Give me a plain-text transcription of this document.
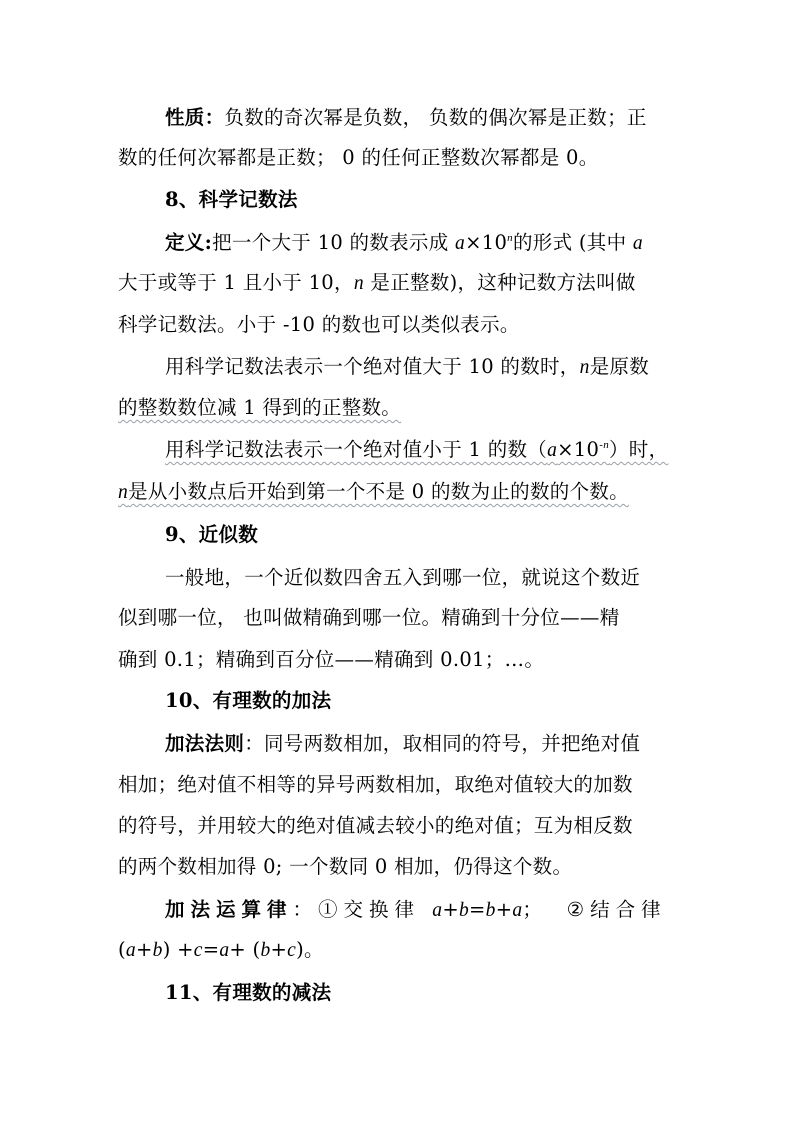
性质：负数的奇次幂是负数， 负数的偶次幂是正数；正
数的任何次幂都是正数； 0 的任何正整数次幂都是 0。
8、科学记数法
定义:把一个大于 10 的数表示成 $a\times 10^n$的形式 (其中 a
大于或等于 1 且小于 10，n 是正整数)，这种记数方法叫做
科学记数法。小于 -10 的数也可以类似表示。
用科学记数法表示一个绝对值大于 10 的数时，n是原数
的整数数位减 1 得到的正整数。
用科学记数法表示一个绝对值小于 1 的数$(a\times 10^{-n})$时，
n是从小数点后开始到第一个不是 0 的数为止的数的个数。
9、近似数
一般地，一个近似数四舍五入到哪一位，就说这个数近
似到哪一位， 也叫做精确到哪一位。精确到十分位——精
确到 0.1；精确到百分位——精确到 0.01；…。
10、有理数的加法
加法法则：同号两数相加，取相同的符号，并把绝对值
相加；绝对值不相等的异号两数相加，取绝对值较大的加数
的符号，并用较大的绝对值减去较小的绝对值；互为相反数
的两个数相加得 0; 一个数同 0 相加，仍得这个数。
加法运算律：①交换律 a+b=b+a； ②结合律
(a+b) +c=a+ (b+c)。
11、有理数的减法
